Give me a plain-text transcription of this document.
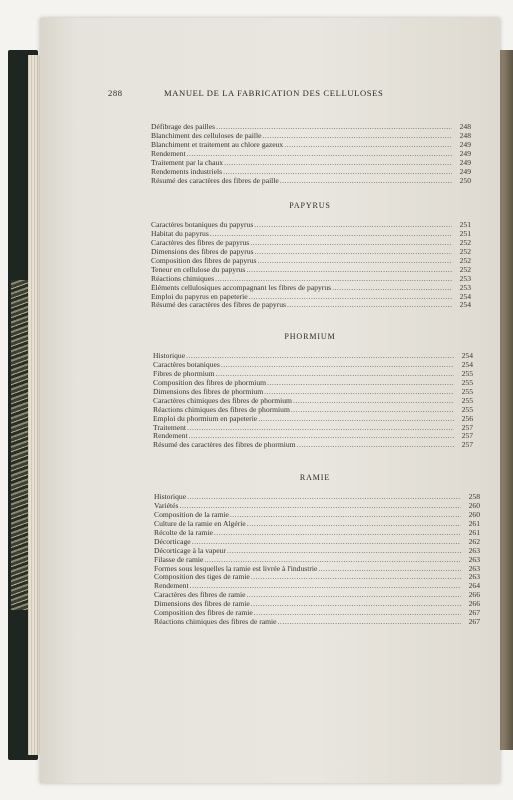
288	MANUEL DE LA FABRICATION DES CELLULOSES
Défibrage des pailles .....	248
Blanchiment des celluloses de paille .....	248
Blanchiment et traitement au chlore gazeux .....	249
Rendement .....	249
Traitement par la chaux .....	249
Rendements industriels .....	249
Résumé des caractères des fibres de paille .....	250
PAPYRUS
Caractères botaniques du papyrus .....	251
Habitat du papyrus .....	251
Caractères des fibres de papyrus .....	252
Dimensions des fibres de papyrus .....	252
Composition des fibres de papyrus .....	252
Teneur en cellulose du papyrus .....	252
Réactions chimiques .....	253
Éléments cellulosiques accompagnant les fibres de papyrus .....	253
Emploi du papyrus en papeterie .....	254
Résumé des caractères des fibres de papyrus .....	254
PHORMIUM
Historique .....	254
Caractères botaniques .....	254
Fibres de phormium .....	255
Composition des fibres de phormium .....	255
Dimensions des fibres de phormium .....	255
Caractères chimiques des fibres de phormium .....	255
Réactions chimiques des fibres de phormium .....	255
Emploi du phormium en papeterie .....	256
Traitement .....	257
Rendement .....	257
Résumé des caractères des fibres de phormium .....	257
RAMIE
Historique .....	258
Variétés .....	260
Composition de la ramie .....	260
Culture de la ramie en Algérie .....	261
Récolte de la ramie .....	261
Décorticage .....	262
Décorticage à la vapeur .....	263
Filasse de ramie .....	263
Formes sous lesquelles la ramie est livrée à l'industrie .....	263
Composition des tiges de ramie .....	263
Rendement .....	264
Caractères des fibres de ramie .....	266
Dimensions des fibres de ramie .....	266
Composition des fibres de ramie .....	267
Réactions chimiques des fibres de ramie .....	267
